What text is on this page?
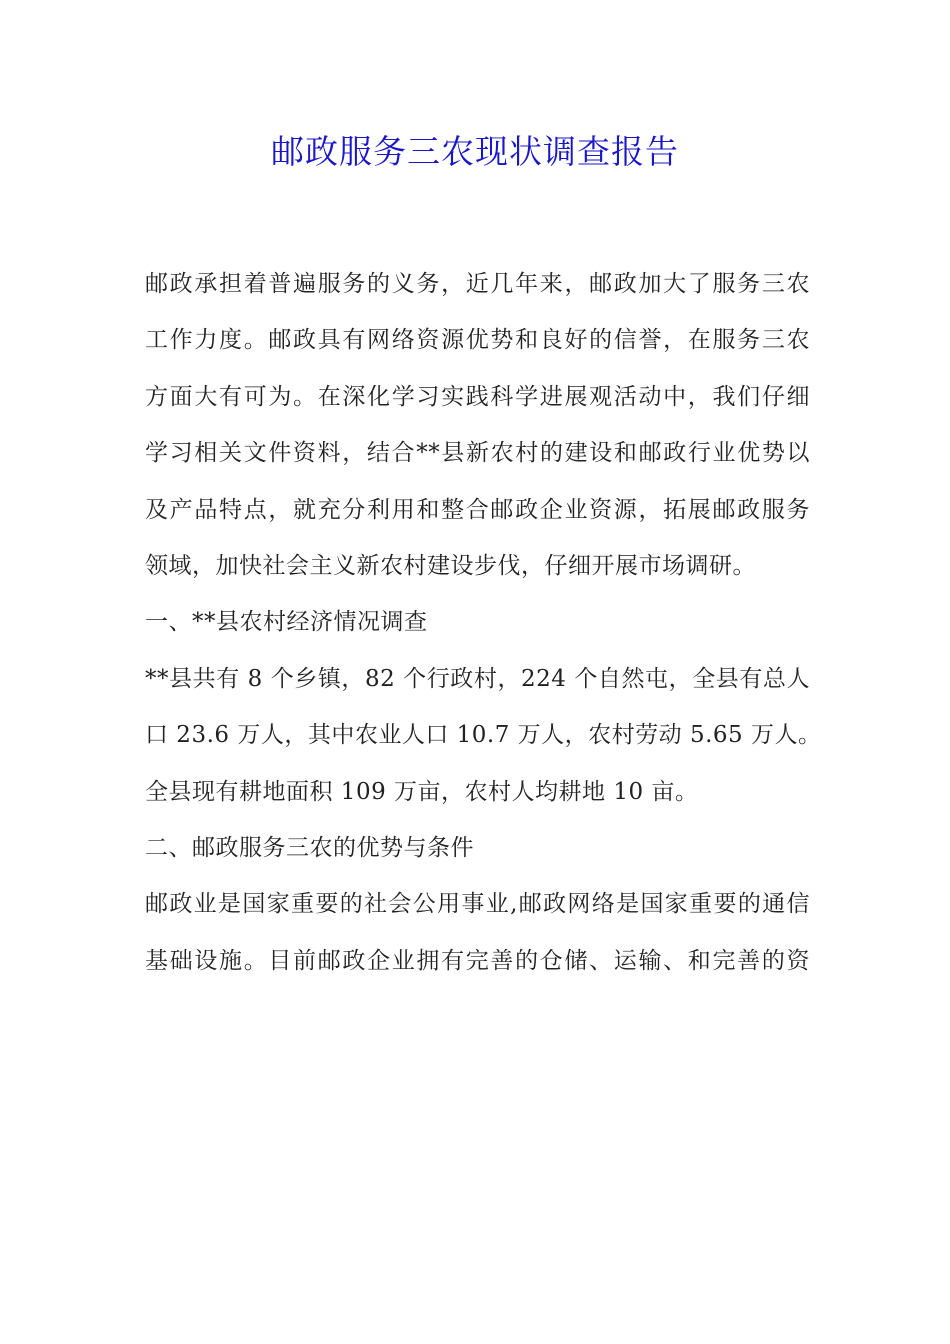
邮政服务三农现状调查报告
邮政承担着普遍服务的义务，近几年来，邮政加大了服务三农
工作力度。邮政具有网络资源优势和良好的信誉，在服务三农
方面大有可为。在深化学习实践科学进展观活动中，我们仔细
学习相关文件资料，结合**县新农村的建设和邮政行业优势以
及产品特点，就充分利用和整合邮政企业资源，拓展邮政服务
领域，加快社会主义新农村建设步伐，仔细开展市场调研。
一、**县农村经济情况调查
**县共有 8 个乡镇，82 个行政村，224 个自然屯，全县有总人
口 23.6 万人，其中农业人口 10.7 万人，农村劳动 5.65 万人。
全县现有耕地面积 109 万亩，农村人均耕地 10 亩。
二、邮政服务三农的优势与条件
邮政业是国家重要的社会公用事业,邮政网络是国家重要的通信
基础设施。目前邮政企业拥有完善的仓储、运输、和完善的资
